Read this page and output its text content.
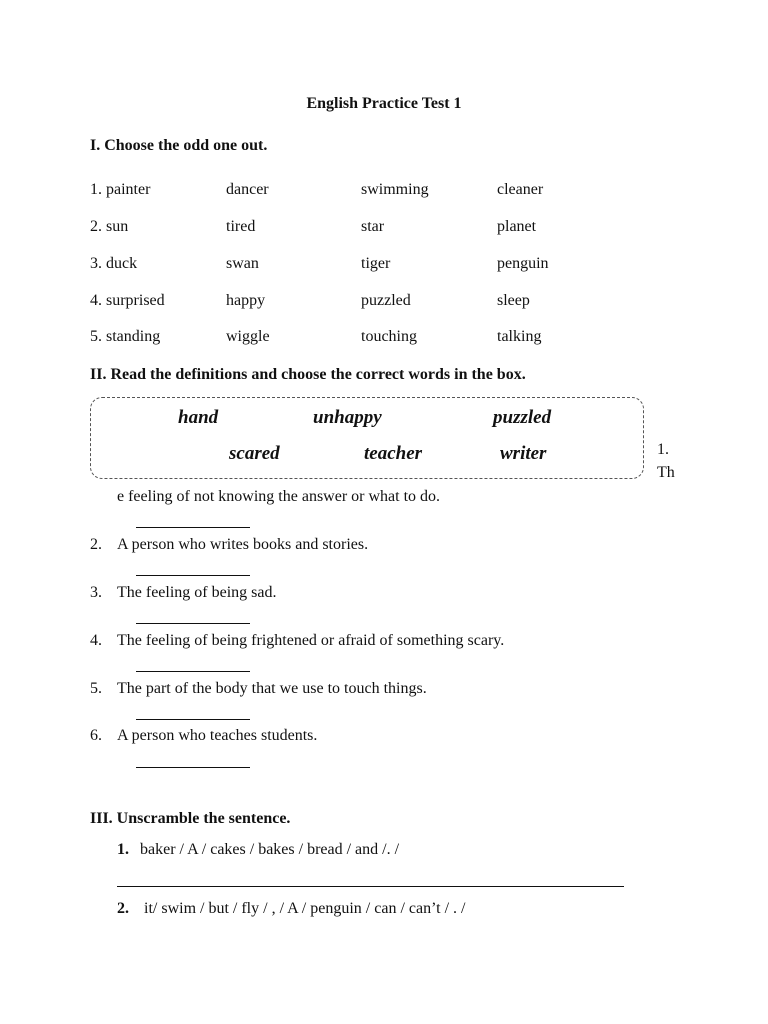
English Practice Test 1
I. Choose the odd one out.
1. painter	dancer	swimming	cleaner
2. sun	tired	star	planet
3. duck	swan	tiger	penguin
4. surprised	happy	puzzled	sleep
5. standing	wiggle	touching	talking
II. Read the definitions and choose the correct words in the box.
hand	unhappy	puzzled
scared	teacher	writer	1.
Th
e feeling of not knowing the answer or what to do.
2. A person who writes books and stories.
3. The feeling of being sad.
4. The feeling of being frightened or afraid of something scary.
5. The part of the body that we use to touch things.
6. A person who teaches students.
III. Unscramble the sentence.
1. baker / A / cakes / bakes / bread / and /. /
2. it/ swim / but / fly / , / A / penguin / can / can’t / . /
